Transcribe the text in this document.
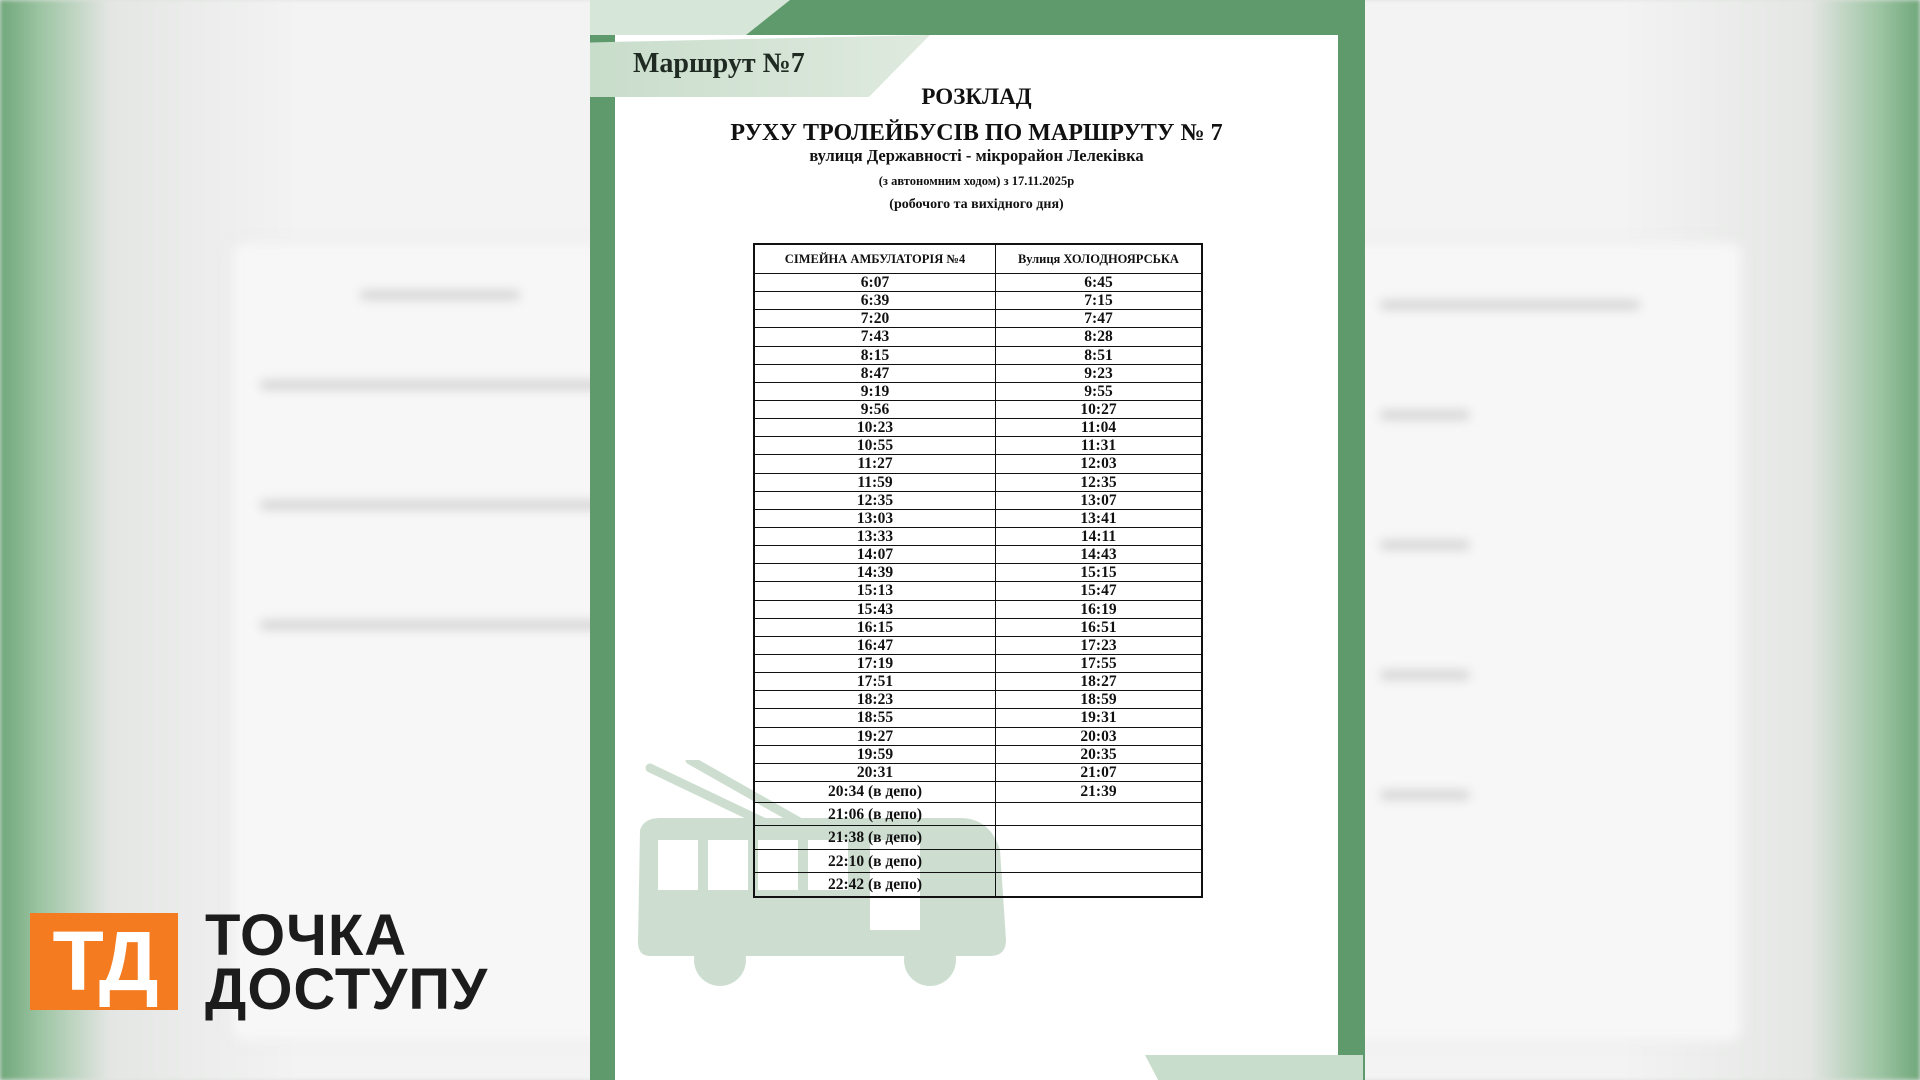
Маршрут №7
РОЗКЛАД
РУХУ ТРОЛЕЙБУСІВ ПО МАРШРУТУ № 7
вулиця Державності - мікрорайон Лелеківка
(з автономним ходом) з 17.11.2025р
(робочого та вихідного дня)
СІМЕЙНА АМБУЛАТОРІЯ №4	Вулиця ХОЛОДНОЯРСЬКА
6:07	6:45
6:39	7:15
7:20	7:47
7:43	8:28
8:15	8:51
8:47	9:23
9:19	9:55
9:56	10:27
10:23	11:04
10:55	11:31
11:27	12:03
11:59	12:35
12:35	13:07
13:03	13:41
13:33	14:11
14:07	14:43
14:39	15:15
15:13	15:47
15:43	16:19
16:15	16:51
16:47	17:23
17:19	17:55
17:51	18:27
18:23	18:59
18:55	19:31
19:27	20:03
19:59	20:35
20:31	21:07
20:34 (в депо)	21:39
21:06 (в депо)	
21:38 (в депо)	
22:10 (в депо)	
22:42 (в депо)	
ТД ТОЧКА
ДОСТУПУ
